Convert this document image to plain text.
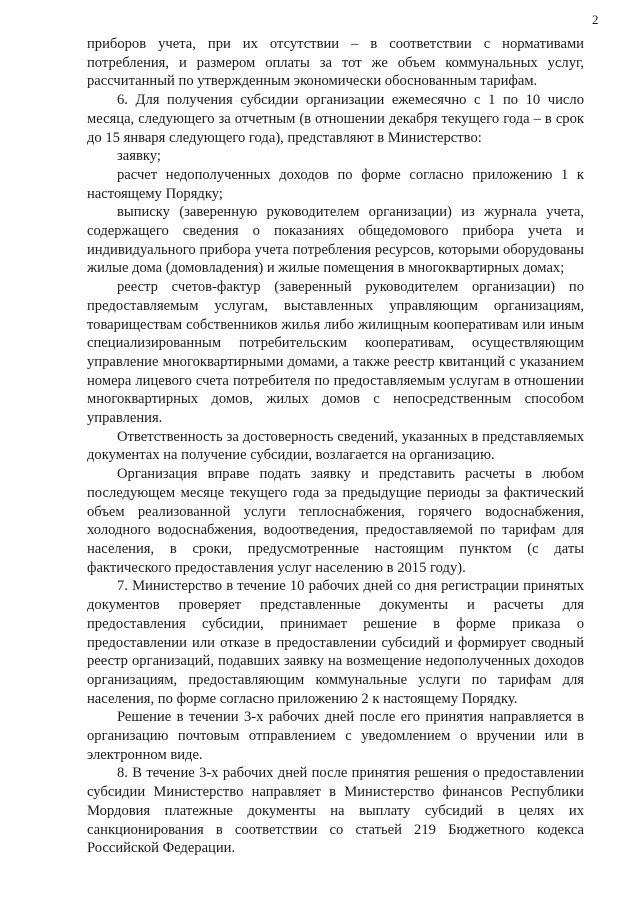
2

приборов учета, при их отсутствии – в соответствии с нормативами потребления, и размером оплаты за тот же объем коммунальных услуг, рассчитанный по утвержденным экономически обоснованным тарифам.

6. Для получения субсидии организации ежемесячно с 1 по 10 число месяца, следующего за отчетным (в отношении декабря текущего года – в срок до 15 января следующего года), представляют в Министерство:

заявку;

расчет недополученных доходов по форме согласно приложению 1 к настоящему Порядку;

выписку (заверенную руководителем организации) из журнала учета, содержащего сведения о показаниях общедомового прибора учета и индивидуального прибора учета потребления ресурсов, которыми оборудованы жилые дома (домовладения) и жилые помещения в многоквартирных домах;

реестр счетов-фактур (заверенный руководителем организации) по предоставляемым услугам, выставленных управляющим организациям, товариществам собственников жилья либо жилищным кооперативам или иным специализированным потребительским кооперативам, осуществляющим управление многоквартирными домами, а также реестр квитанций с указанием номера лицевого счета потребителя по предоставляемым услугам в отношении многоквартирных домов, жилых домов с непосредственным способом управления.

Ответственность за достоверность сведений, указанных в представляемых документах на получение субсидии, возлагается на организацию.

Организация вправе подать заявку и представить расчеты в любом последующем месяце текущего года за предыдущие периоды за фактический объем реализованной услуги теплоснабжения, горячего водоснабжения, холодного водоснабжения, водоотведения, предоставляемой по тарифам для населения, в сроки, предусмотренные настоящим пунктом (с даты фактического предоставления услуг населению в 2015 году).

7. Министерство в течение 10 рабочих дней со дня регистрации принятых документов проверяет представленные документы и расчеты для предоставления субсидии, принимает решение в форме приказа о предоставлении или отказе в предоставлении субсидий и формирует сводный реестр организаций, подавших заявку на возмещение недополученных доходов организациям, предоставляющим коммунальные услуги по тарифам для населения, по форме согласно приложению 2 к настоящему Порядку.

Решение в течении 3-х рабочих дней после его принятия направляется в организацию почтовым отправлением с уведомлением о вручении или в электронном виде.

8. В течение 3-х рабочих дней после принятия решения о предоставлении субсидии Министерство направляет в Министерство финансов Республики Мордовия платежные документы на выплату субсидий в целях их санкционирования в соответствии со статьей 219 Бюджетного кодекса Российской Федерации.
